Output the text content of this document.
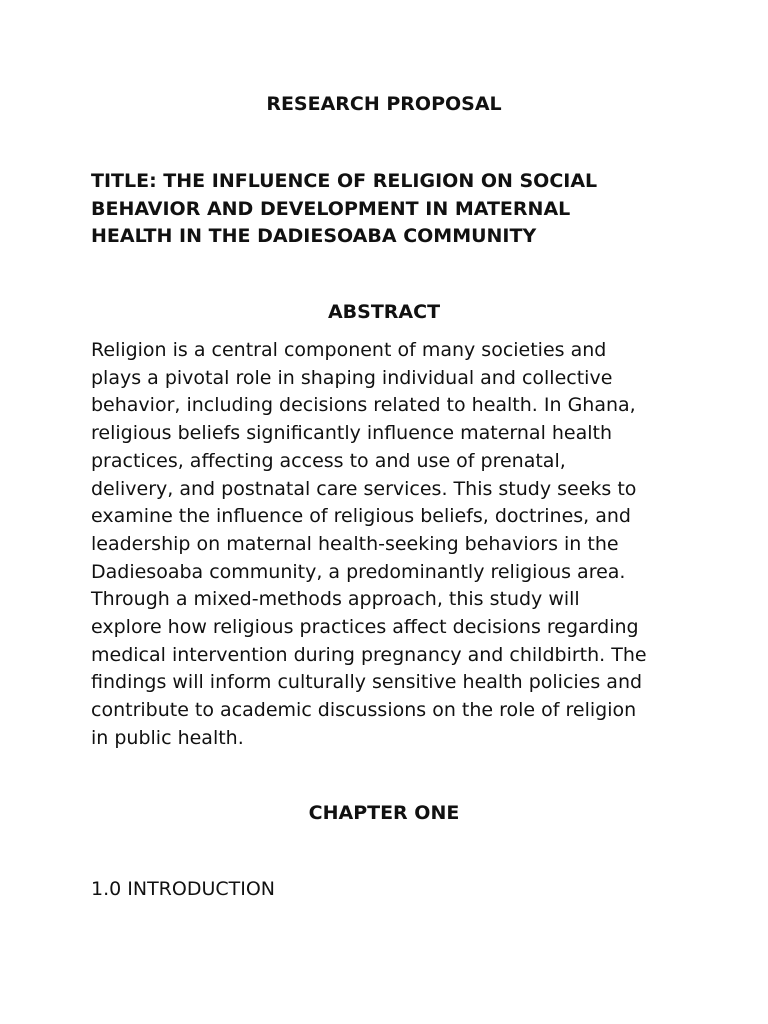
RESEARCH PROPOSAL
TITLE: THE INFLUENCE OF RELIGION ON SOCIAL
BEHAVIOR AND DEVELOPMENT IN MATERNAL
HEALTH IN THE DADIESOABA COMMUNITY
ABSTRACT

Religion is a central component of many societies and
plays a pivotal role in shaping individual and collective
behavior, including decisions related to health. In Ghana,
religious beliefs significantly influence maternal health
practices, affecting access to and use of prenatal,
delivery, and postnatal care services. This study seeks to
examine the influence of religious beliefs, doctrines, and
leadership on maternal health-seeking behaviors in the
Dadiesoaba community, a predominantly religious area.
Through a mixed-methods approach, this study will
explore how religious practices affect decisions regarding
medical intervention during pregnancy and childbirth. The
findings will inform culturally sensitive health policies and
contribute to academic discussions on the role of religion
in public health.

CHAPTER ONE
1.0 INTRODUCTION
